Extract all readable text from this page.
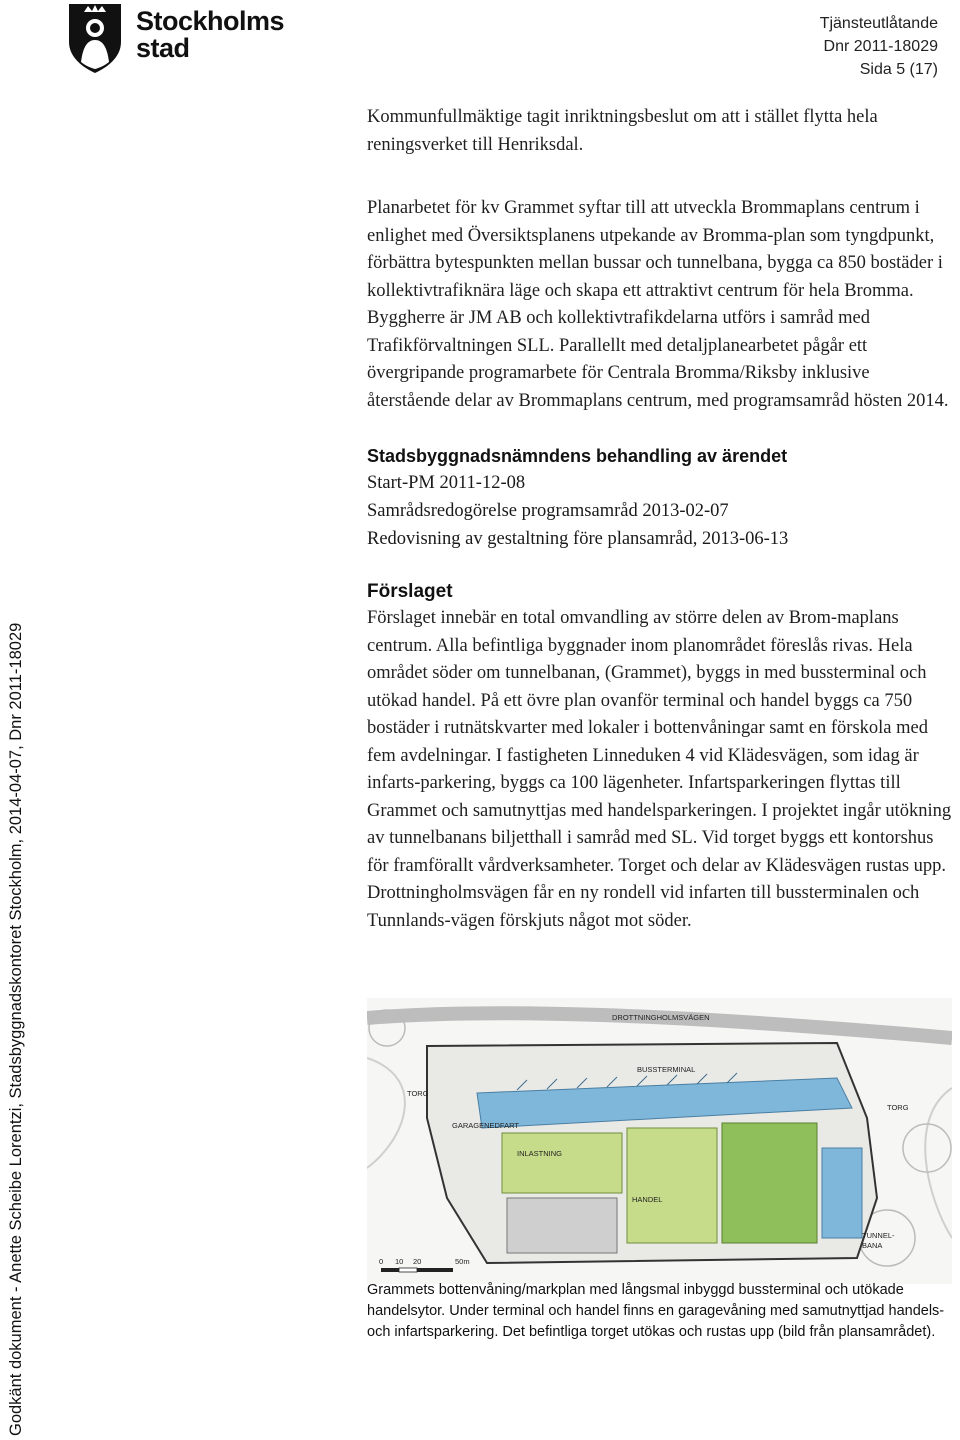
Stockholms
stad
Tjänsteutlåtande
Dnr 2011-18029
Sida 5 (17)
Godkänt dokument - Anette Scheibe Lorentzi, Stadsbyggnadskontoret Stockholm, 2014-04-07, Dnr 2011-18029

Kommunfullmäktige tagit inriktningsbeslut om att i stället flytta hela reningsverket till Henriksdal.

Planarbetet för kv Grammet syftar till att utveckla Brommaplans centrum i enlighet med Översiktsplanens utpekande av Bromma-plan som tyngdpunkt, förbättra bytespunkten mellan bussar och tunnelbana, bygga ca 850 bostäder i kollektivtrafiknära läge och skapa ett attraktivt centrum för hela Bromma. Byggherre är JM AB och kollektivtrafikdelarna utförs i samråd med Trafikförvaltningen SLL. Parallellt med detaljplanearbetet pågår ett övergripande programarbete för Centrala Bromma/Riksby inklusive återstående delar av Brommaplans centrum, med programsamråd hösten 2014.

Stadsbyggnadsnämndens behandling av ärendet

Start-PM 2011-12-08

Samrådsredogörelse programsamråd 2013-02-07

Redovisning av gestaltning före plansamråd, 2013-06-13

Förslaget

Förslaget innebär en total omvandling av större delen av Brom-maplans centrum. Alla befintliga byggnader inom planområdet föreslås rivas. Hela området söder om tunnelbanan, (Grammet), byggs in med bussterminal och utökad handel. På ett övre plan ovanför terminal och handel byggs ca 750 bostäder i rutnätskvarter med lokaler i bottenvåningar samt en förskola med fem avdelningar. I fastigheten Linneduken 4 vid Klädesvägen, som idag är infarts-parkering, byggs ca 100 lägenheter. Infartsparkeringen flyttas till Grammet och samutnyttjas med handelsparkeringen. I projektet ingår utökning av tunnelbanans biljetthall i samråd med SL. Vid torget byggs ett kontorshus för framförallt vårdverksamheter. Torget och delar av Klädesvägen rustas upp. Drottningholmsvägen får en ny rondell vid infarten till bussterminalen och Tunnlands-vägen förskjuts något mot söder.

DROTTNINGHOLMSVÄGEN
BUSSTERMINAL
TORG
TORG
GARAGENEDFART
INLASTNING
HANDEL
TUNNEL-
BANA
0 10 20	50m
Grammets bottenvåning/markplan med långsmal inbyggd bussterminal och utökade handelsytor. Under terminal och handel finns en garagevåning med samutnyttjad handels- och infartsparkering. Det befintliga torget utökas och rustas upp (bild från plansamrådet).
